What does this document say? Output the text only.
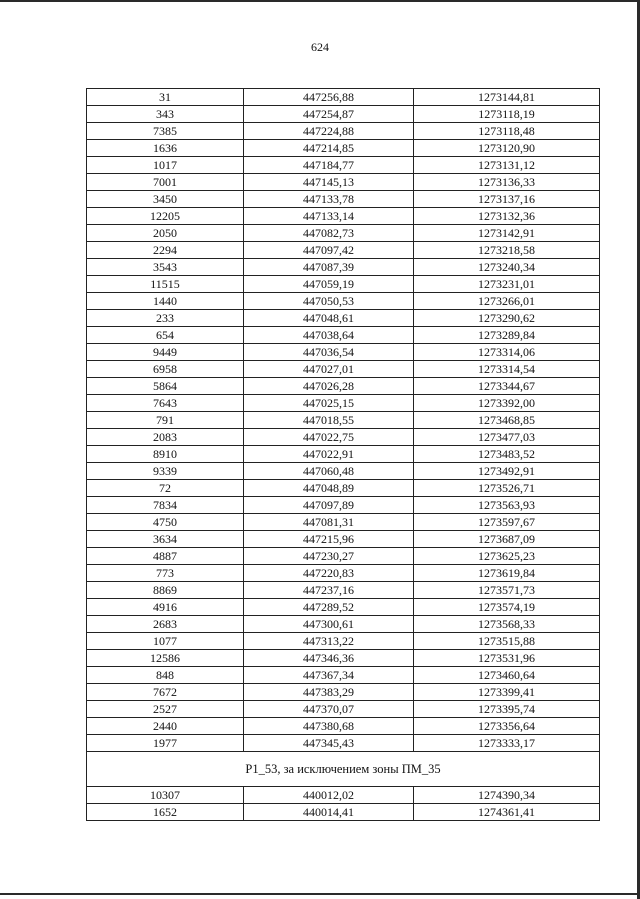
624
31	447256,88	1273144,81
343	447254,87	1273118,19
7385	447224,88	1273118,48
1636	447214,85	1273120,90
1017	447184,77	1273131,12
7001	447145,13	1273136,33
3450	447133,78	1273137,16
12205	447133,14	1273132,36
2050	447082,73	1273142,91
2294	447097,42	1273218,58
3543	447087,39	1273240,34
11515	447059,19	1273231,01
1440	447050,53	1273266,01
233	447048,61	1273290,62
654	447038,64	1273289,84
9449	447036,54	1273314,06
6958	447027,01	1273314,54
5864	447026,28	1273344,67
7643	447025,15	1273392,00
791	447018,55	1273468,85
2083	447022,75	1273477,03
8910	447022,91	1273483,52
9339	447060,48	1273492,91
72	447048,89	1273526,71
7834	447097,89	1273563,93
4750	447081,31	1273597,67
3634	447215,96	1273687,09
4887	447230,27	1273625,23
773	447220,83	1273619,84
8869	447237,16	1273571,73
4916	447289,52	1273574,19
2683	447300,61	1273568,33
1077	447313,22	1273515,88
12586	447346,36	1273531,96
848	447367,34	1273460,64
7672	447383,29	1273399,41
2527	447370,07	1273395,74
2440	447380,68	1273356,64
1977	447345,43	1273333,17
Р1_53, за исключением зоны ПМ_35		
10307	440012,02	1274390,34
1652	440014,41	1274361,41
